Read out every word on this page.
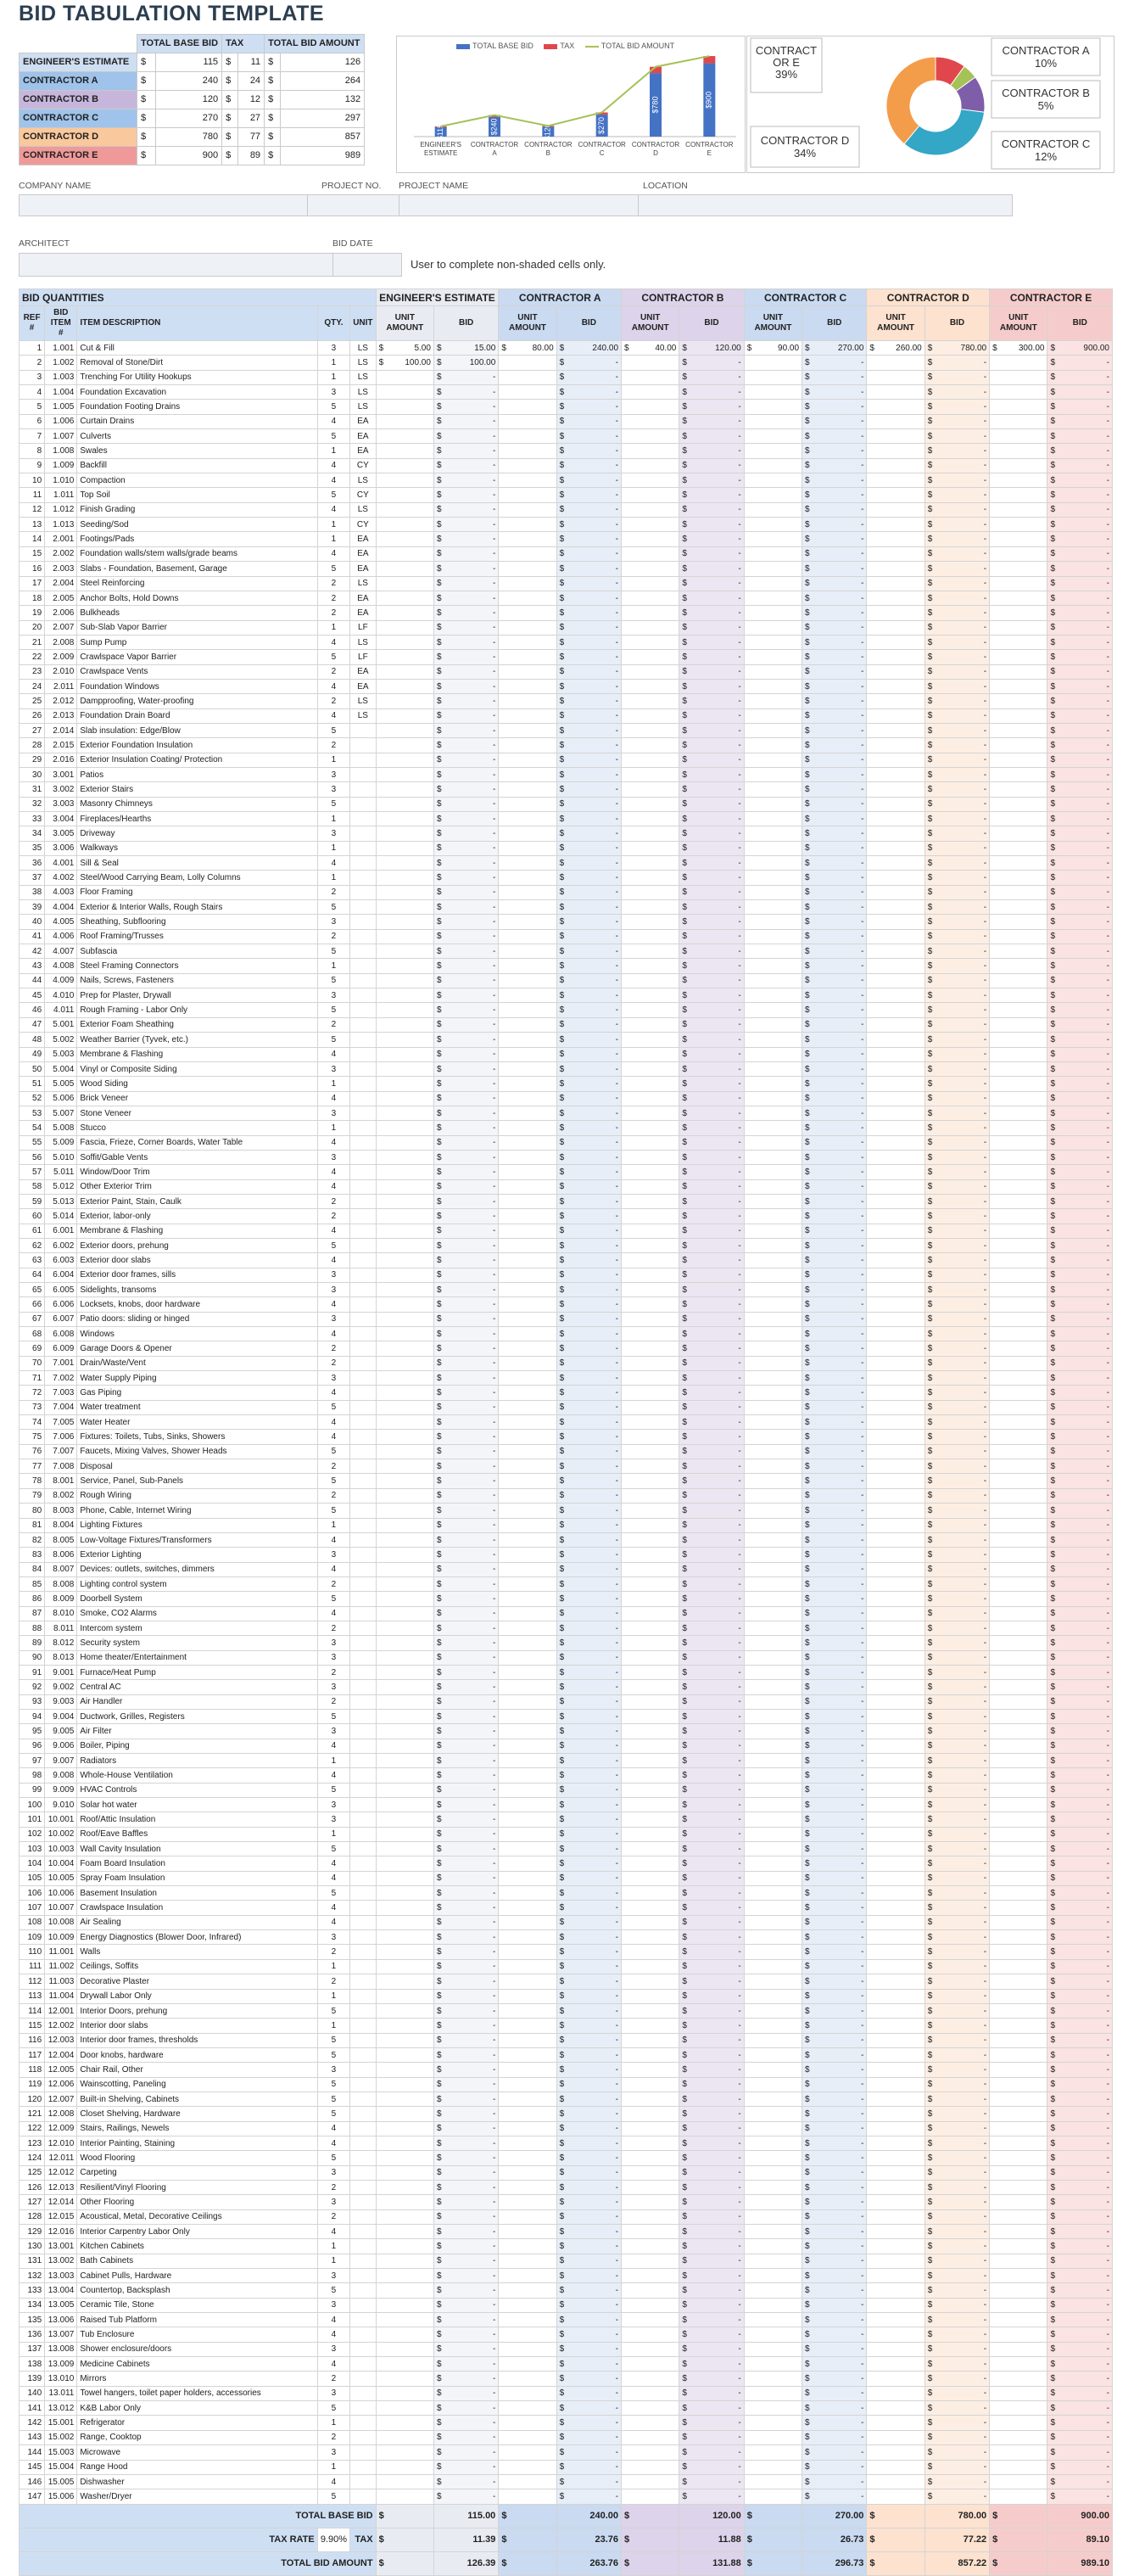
BID TABULATION TEMPLATE
	TOTAL BASE BID		TAX		TOTAL BID AMOUNT	
ENGINEER'S ESTIMATE	$	115	$	11	$	126
CONTRACTOR A	$	240	$	24	$	264
CONTRACTOR B	$	120	$	12	$	132
CONTRACTOR C	$	270	$	27	$	297
CONTRACTOR D	$	780	$	77	$	857
CONTRACTOR E	$	900	$	89	$	989
TOTAL BASE BID	TAX	TOTAL BID AMOUNT
$115
ENGINEER'S ESTIMATE
$240
CONTRACTOR A
$120
CONTRACTOR B
$270
CONTRACTOR C
$780
CONTRACTOR D
$900
CONTRACTOR E
CONTRACTOR A 10%
CONTRACTOR B 5%
CONTRACTOR C 12%
CONTRACTOR D 34%
CONTRACT OR E 39%
COMPANY NAME	PROJECT NO. PROJECT NAME	LOCATION
ARCHITECT	BID DATE
User to complete non-shaded cells only.
BID QUANTITIES					ENGINEER'S ESTIMATE		CONTRACTOR A		CONTRACTOR B		CONTRACTOR C		CONTRACTOR D		CONTRACTOR E	
REF #	BID ITEM #	ITEM DESCRIPTION	QTY.	UNIT	UNIT AMOUNT	BID	UNIT AMOUNT	BID	UNIT AMOUNT	BID	UNIT AMOUNT	BID	UNIT AMOUNT	BID	UNIT AMOUNT	BID
1	1.001	Cut & Fill	3	LS	$ 5.00	$ 15.00	$ 80.00	$ 240.00	$ 40.00	$ 120.00	$ 90.00	$ 270.00	$ 260.00	$ 780.00	$ 300.00	$ 900.00
2	1.002	Removal of Stone/Dirt	1	LS	$ 100.00	$ 100.00		$ -		$ -		$ -		$ -		$ -
3	1.003	Trenching For Utility Hookups	1	LS		$ -		$ -		$ -		$ -		$ -		$ -
4	1.004	Foundation Excavation	3	LS		$ -		$ -		$ -		$ -		$ -		$ -
5	1.005	Foundation Footing Drains	5	LS		$ -		$ -		$ -		$ -		$ -		$ -
6	1.006	Curtain Drains	4	EA		$ -		$ -		$ -		$ -		$ -		$ -
7	1.007	Culverts	5	EA		$ -		$ -		$ -		$ -		$ -		$ -
8	1.008	Swales	1	EA		$ -		$ -		$ -		$ -		$ -		$ -
9	1.009	Backfill	4	CY		$ -		$ -		$ -		$ -		$ -		$ -
10	1.010	Compaction	4	LS		$ -		$ -		$ -		$ -		$ -		$ -
11	1.011	Top Soil	5	CY		$ -		$ -		$ -		$ -		$ -		$ -
12	1.012	Finish Grading	4	LS		$ -		$ -		$ -		$ -		$ -		$ -
13	1.013	Seeding/Sod	1	CY		$ -		$ -		$ -		$ -		$ -		$ -
14	2.001	Footings/Pads	1	EA		$ -		$ -		$ -		$ -		$ -		$ -
15	2.002	Foundation walls/stem walls/grade beams	4	EA		$ -		$ -		$ -		$ -		$ -		$ -
16	2.003	Slabs - Foundation, Basement, Garage	5	EA		$ -		$ -		$ -		$ -		$ -		$ -
17	2.004	Steel Reinforcing	2	LS		$ -		$ -		$ -		$ -		$ -		$ -
18	2.005	Anchor Bolts, Hold Downs	2	EA		$ -		$ -		$ -		$ -		$ -		$ -
19	2.006	Bulkheads	2	EA		$ -		$ -		$ -		$ -		$ -		$ -
20	2.007	Sub-Slab Vapor Barrier	1	LF		$ -		$ -		$ -		$ -		$ -		$ -
21	2.008	Sump Pump	4	LS		$ -		$ -		$ -		$ -		$ -		$ -
22	2.009	Crawlspace Vapor Barrier	5	LF		$ -		$ -		$ -		$ -		$ -		$ -
23	2.010	Crawlspace Vents	2	EA		$ -		$ -		$ -		$ -		$ -		$ -
24	2.011	Foundation Windows	4	EA		$ -		$ -		$ -		$ -		$ -		$ -
25	2.012	Dampproofing, Water-proofing	2	LS		$ -		$ -		$ -		$ -		$ -		$ -
26	2.013	Foundation Drain Board	4	LS		$ -		$ -		$ -		$ -		$ -		$ -
27	2.014	Slab insulation: Edge/Blow	5			$ -		$ -		$ -		$ -		$ -		$ -
28	2.015	Exterior Foundation Insulation	2			$ -		$ -		$ -		$ -		$ -		$ -
29	2.016	Exterior Insulation Coating/ Protection	1			$ -		$ -		$ -		$ -		$ -		$ -
30	3.001	Patios	3			$ -		$ -		$ -		$ -		$ -		$ -
31	3.002	Exterior Stairs	3			$ -		$ -		$ -		$ -		$ -		$ -
32	3.003	Masonry Chimneys	5			$ -		$ -		$ -		$ -		$ -		$ -
33	3.004	Fireplaces/Hearths	1			$ -		$ -		$ -		$ -		$ -		$ -
34	3.005	Driveway	3			$ -		$ -		$ -		$ -		$ -		$ -
35	3.006	Walkways	1			$ -		$ -		$ -		$ -		$ -		$ -
36	4.001	Sill & Seal	4			$ -		$ -		$ -		$ -		$ -		$ -
37	4.002	Steel/Wood Carrying Beam, Lolly Columns	1			$ -		$ -		$ -		$ -		$ -		$ -
38	4.003	Floor Framing	2			$ -		$ -		$ -		$ -		$ -		$ -
39	4.004	Exterior & Interior Walls, Rough Stairs	5			$ -		$ -		$ -		$ -		$ -		$ -
40	4.005	Sheathing, Subflooring	3			$ -		$ -		$ -		$ -		$ -		$ -
41	4.006	Roof Framing/Trusses	2			$ -		$ -		$ -		$ -		$ -		$ -
42	4.007	Subfascia	5			$ -		$ -		$ -		$ -		$ -		$ -
43	4.008	Steel Framing Connectors	1			$ -		$ -		$ -		$ -		$ -		$ -
44	4.009	Nails, Screws, Fasteners	5			$ -		$ -		$ -		$ -		$ -		$ -
45	4.010	Prep for Plaster, Drywall	3			$ -		$ -		$ -		$ -		$ -		$ -
46	4.011	Rough Framing - Labor Only	5			$ -		$ -		$ -		$ -		$ -		$ -
47	5.001	Exterior Foam Sheathing	2			$ -		$ -		$ -		$ -		$ -		$ -
48	5.002	Weather Barrier (Tyvek, etc.)	5			$ -		$ -		$ -		$ -		$ -		$ -
49	5.003	Membrane & Flashing	4			$ -		$ -		$ -		$ -		$ -		$ -
50	5.004	Vinyl or Composite Siding	3			$ -		$ -		$ -		$ -		$ -		$ -
51	5.005	Wood Siding	1			$ -		$ -		$ -		$ -		$ -		$ -
52	5.006	Brick Veneer	4			$ -		$ -		$ -		$ -		$ -		$ -
53	5.007	Stone Veneer	3			$ -		$ -		$ -		$ -		$ -		$ -
54	5.008	Stucco	1			$ -		$ -		$ -		$ -		$ -		$ -
55	5.009	Fascia, Frieze, Corner Boards, Water Table	4			$ -		$ -		$ -		$ -		$ -		$ -
56	5.010	Soffit/Gable Vents	3			$ -		$ -		$ -		$ -		$ -		$ -
57	5.011	Window/Door Trim	4			$ -		$ -		$ -		$ -		$ -		$ -
58	5.012	Other Exterior Trim	4			$ -		$ -		$ -		$ -		$ -		$ -
59	5.013	Exterior Paint, Stain, Caulk	2			$ -		$ -		$ -		$ -		$ -		$ -
60	5.014	Exterior, labor-only	2			$ -		$ -		$ -		$ -		$ -		$ -
61	6.001	Membrane & Flashing	4			$ -		$ -		$ -		$ -		$ -		$ -
62	6.002	Exterior doors, prehung	5			$ -		$ -		$ -		$ -		$ -		$ -
63	6.003	Exterior door slabs	4			$ -		$ -		$ -		$ -		$ -		$ -
64	6.004	Exterior door frames, sills	3			$ -		$ -		$ -		$ -		$ -		$ -
65	6.005	Sidelights, transoms	3			$ -		$ -		$ -		$ -		$ -		$ -
66	6.006	Locksets, knobs, door hardware	4			$ -		$ -		$ -		$ -		$ -		$ -
67	6.007	Patio doors: sliding or hinged	3			$ -		$ -		$ -		$ -		$ -		$ -
68	6.008	Windows	4			$ -		$ -		$ -		$ -		$ -		$ -
69	6.009	Garage Doors & Opener	2			$ -		$ -		$ -		$ -		$ -		$ -
70	7.001	Drain/Waste/Vent	2			$ -		$ -		$ -		$ -		$ -		$ -
71	7.002	Water Supply Piping	3			$ -		$ -		$ -		$ -		$ -		$ -
72	7.003	Gas Piping	4			$ -		$ -		$ -		$ -		$ -		$ -
73	7.004	Water treatment	5			$ -		$ -		$ -		$ -		$ -		$ -
74	7.005	Water Heater	4			$ -		$ -		$ -		$ -		$ -		$ -
75	7.006	Fixtures: Toilets, Tubs, Sinks, Showers	4			$ -		$ -		$ -		$ -		$ -		$ -
76	7.007	Faucets, Mixing Valves, Shower Heads	5			$ -		$ -		$ -		$ -		$ -		$ -
77	7.008	Disposal	2			$ -		$ -		$ -		$ -		$ -		$ -
78	8.001	Service, Panel, Sub-Panels	5			$ -		$ -		$ -		$ -		$ -		$ -
79	8.002	Rough Wiring	2			$ -		$ -		$ -		$ -		$ -		$ -
80	8.003	Phone, Cable, Internet Wiring	5			$ -		$ -		$ -		$ -		$ -		$ -
81	8.004	Lighting Fixtures	1			$ -		$ -		$ -		$ -		$ -		$ -
82	8.005	Low-Voltage Fixtures/Transformers	4			$ -		$ -		$ -		$ -		$ -		$ -
83	8.006	Exterior Lighting	3			$ -		$ -		$ -		$ -		$ -		$ -
84	8.007	Devices: outlets, switches, dimmers	4			$ -		$ -		$ -		$ -		$ -		$ -
85	8.008	Lighting control system	2			$ -		$ -		$ -		$ -		$ -		$ -
86	8.009	Doorbell System	5			$ -		$ -		$ -		$ -		$ -		$ -
87	8.010	Smoke, CO2 Alarms	4			$ -		$ -		$ -		$ -		$ -		$ -
88	8.011	Intercom system	2			$ -		$ -		$ -		$ -		$ -		$ -
89	8.012	Security system	3			$ -		$ -		$ -		$ -		$ -		$ -
90	8.013	Home theater/Entertainment	3			$ -		$ -		$ -		$ -		$ -		$ -
91	9.001	Furnace/Heat Pump	2			$ -		$ -		$ -		$ -		$ -		$ -
92	9.002	Central AC	3			$ -		$ -		$ -		$ -		$ -		$ -
93	9.003	Air Handler	2			$ -		$ -		$ -		$ -		$ -		$ -
94	9.004	Ductwork, Grilles, Registers	5			$ -		$ -		$ -		$ -		$ -		$ -
95	9.005	Air Filter	3			$ -		$ -		$ -		$ -		$ -		$ -
96	9.006	Boiler, Piping	4			$ -		$ -		$ -		$ -		$ -		$ -
97	9.007	Radiators	1			$ -		$ -		$ -		$ -		$ -		$ -
98	9.008	Whole-House Ventilation	4			$ -		$ -		$ -		$ -		$ -		$ -
99	9.009	HVAC Controls	5			$ -		$ -		$ -		$ -		$ -		$ -
100	9.010	Solar hot water	3			$ -		$ -		$ -		$ -		$ -		$ -
101	10.001	Roof/Attic Insulation	3			$ -		$ -		$ -		$ -		$ -		$ -
102	10.002	Roof/Eave Baffles	1			$ -		$ -		$ -		$ -		$ -		$ -
103	10.003	Wall Cavity Insulation	5			$ -		$ -		$ -		$ -		$ -		$ -
104	10.004	Foam Board Insulation	4			$ -		$ -		$ -		$ -		$ -		$ -
105	10.005	Spray Foam Insulation	4			$ -		$ -		$ -		$ -		$ -		$ -
106	10.006	Basement Insulation	5			$ -		$ -		$ -		$ -		$ -		$ -
107	10.007	Crawlspace Insulation	4			$ -		$ -		$ -		$ -		$ -		$ -
108	10.008	Air Sealing	4			$ -		$ -		$ -		$ -		$ -		$ -
109	10.009	Energy Diagnostics (Blower Door, Infrared)	3			$ -		$ -		$ -		$ -		$ -		$ -
110	11.001	Walls	2			$ -		$ -		$ -		$ -		$ -		$ -
111	11.002	Ceilings, Soffits	1			$ -		$ -		$ -		$ -		$ -		$ -
112	11.003	Decorative Plaster	2			$ -		$ -		$ -		$ -		$ -		$ -
113	11.004	Drywall Labor Only	1			$ -		$ -		$ -		$ -		$ -		$ -
114	12.001	Interior Doors, prehung	5			$ -		$ -		$ -		$ -		$ -		$ -
115	12.002	Interior door slabs	1			$ -		$ -		$ -		$ -		$ -		$ -
116	12.003	Interior door frames, thresholds	5			$ -		$ -		$ -		$ -		$ -		$ -
117	12.004	Door knobs, hardware	5			$ -		$ -		$ -		$ -		$ -		$ -
118	12.005	Chair Rail, Other	3			$ -		$ -		$ -		$ -		$ -		$ -
119	12.006	Wainscotting, Paneling	5			$ -		$ -		$ -		$ -		$ -		$ -
120	12.007	Built-in Shelving, Cabinets	5			$ -		$ -		$ -		$ -		$ -		$ -
121	12.008	Closet Shelving, Hardware	5			$ -		$ -		$ -		$ -		$ -		$ -
122	12.009	Stairs, Railings, Newels	4			$ -		$ -		$ -		$ -		$ -		$ -
123	12.010	Interior Painting, Staining	4			$ -		$ -		$ -		$ -		$ -		$ -
124	12.011	Wood Flooring	5			$ -		$ -		$ -		$ -		$ -		$ -
125	12.012	Carpeting	3			$ -		$ -		$ -		$ -		$ -		$ -
126	12.013	Resilient/Vinyl Flooring	2			$ -		$ -		$ -		$ -		$ -		$ -
127	12.014	Other Flooring	3			$ -		$ -		$ -		$ -		$ -		$ -
128	12.015	Acoustical, Metal, Decorative Ceilings	2			$ -		$ -		$ -		$ -		$ -		$ -
129	12.016	Interior Carpentry Labor Only	4			$ -		$ -		$ -		$ -		$ -		$ -
130	13.001	Kitchen Cabinets	1			$ -		$ -		$ -		$ -		$ -		$ -
131	13.002	Bath Cabinets	1			$ -		$ -		$ -		$ -		$ -		$ -
132	13.003	Cabinet Pulls, Hardware	3			$ -		$ -		$ -		$ -		$ -		$ -
133	13.004	Countertop, Backsplash	5			$ -		$ -		$ -		$ -		$ -		$ -
134	13.005	Ceramic Tile, Stone	3			$ -		$ -		$ -		$ -		$ -		$ -
135	13.006	Raised Tub Platform	4			$ -		$ -		$ -		$ -		$ -		$ -
136	13.007	Tub Enclosure	4			$ -		$ -		$ -		$ -		$ -		$ -
137	13.008	Shower enclosure/doors	3			$ -		$ -		$ -		$ -		$ -		$ -
138	13.009	Medicine Cabinets	4			$ -		$ -		$ -		$ -		$ -		$ -
139	13.010	Mirrors	2			$ -		$ -		$ -		$ -		$ -		$ -
140	13.011	Towel hangers, toilet paper holders, accessories	3			$ -		$ -		$ -		$ -		$ -		$ -
141	13.012	K&B Labor Only	5			$ -		$ -		$ -		$ -		$ -		$ -
142	15.001	Refrigerator	1			$ -		$ -		$ -		$ -		$ -		$ -
143	15.002	Range, Cooktop	2			$ -		$ -		$ -		$ -		$ -		$ -
144	15.003	Microwave	3			$ -		$ -		$ -		$ -		$ -		$ -
145	15.004	Range Hood	1			$ -		$ -		$ -		$ -		$ -		$ -
146	15.005	Dishwasher	4			$ -		$ -		$ -		$ -		$ -		$ -
147	15.006	Washer/Dryer	5			$ -		$ -		$ -		$ -		$ -		$ -
TOTAL BASE BID					$	115.00	$	240.00	$	120.00	$	270.00	$	780.00	$	900.00
TAX RATE			9.90%	TAX	$	11.39	$	23.76	$	11.88	$	26.73	$	77.22	$	89.10
TOTAL BID AMOUNT					$	126.39	$	263.76	$	131.88	$	296.73	$	857.22	$	989.10
